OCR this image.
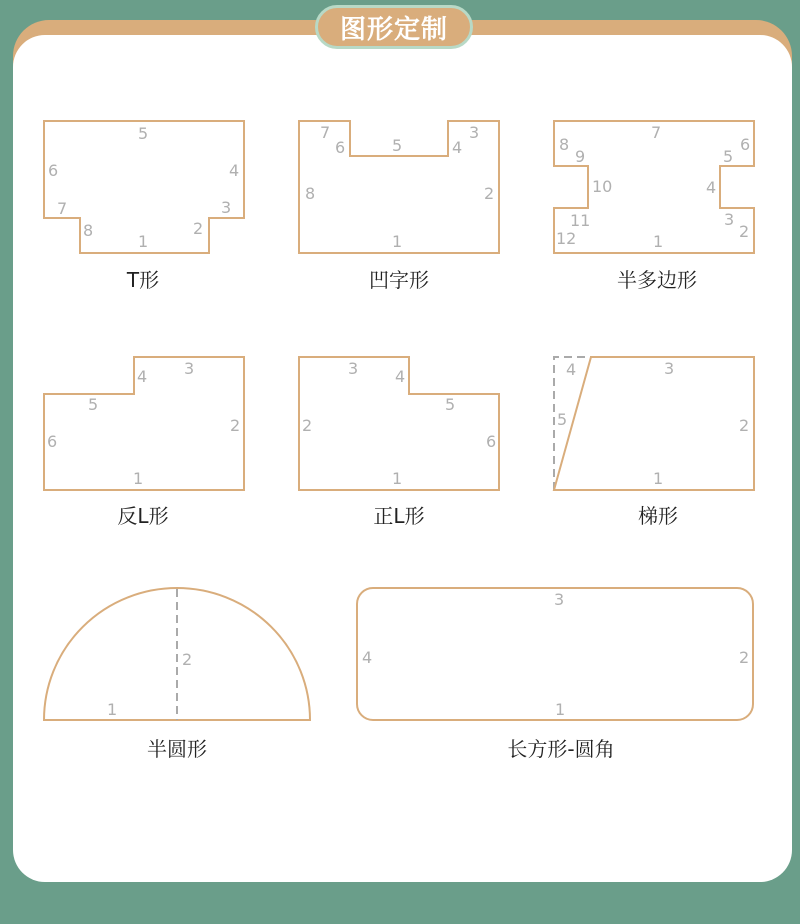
图形定制
1
2
3
4
5
6
7
8
1
2
3
4
5
6
7
8
1
2
3
4
5
6
7
8
9
10
11
12
1
2
3
4
5
6
1
2
3 4
5
6
1
2
3
4
5
1
2
1
2
3
4
T形	凹字形	半多边形
反L形	正L形	梯形
半圆形	长方形-圆角
